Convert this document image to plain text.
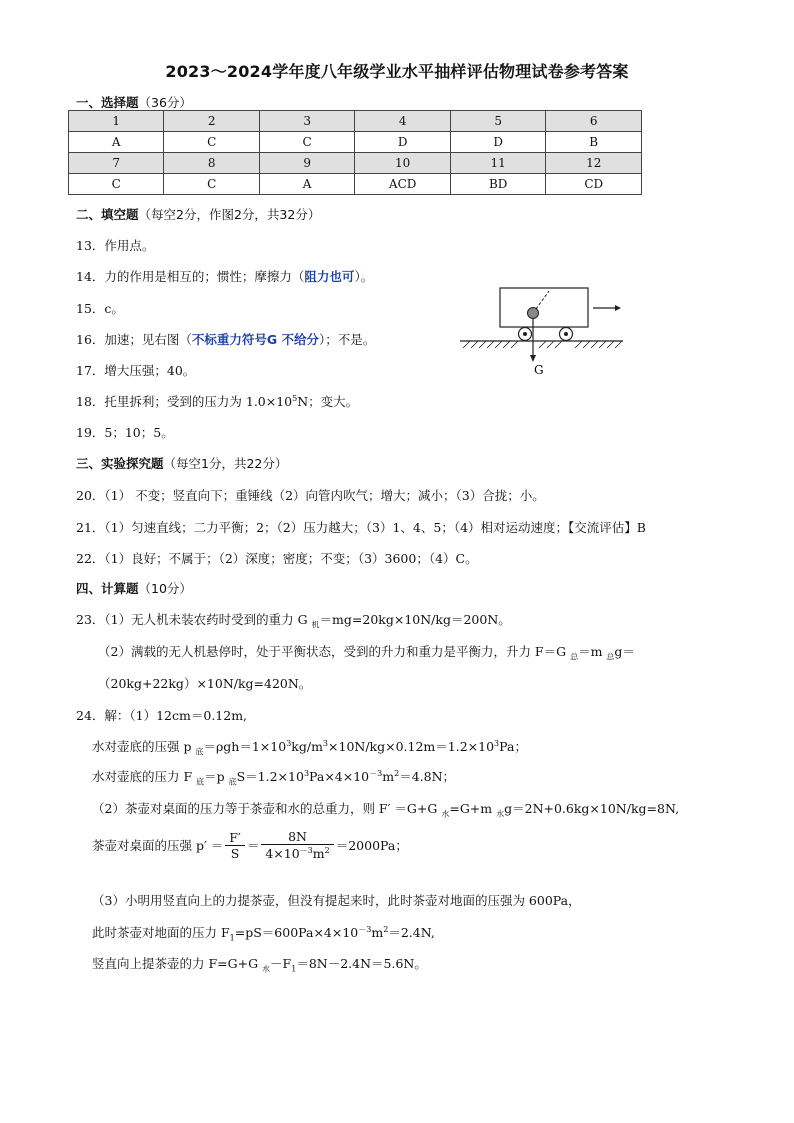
2023～2024学年度八年级学业水平抽样评估物理试卷参考答案
一、选择题（36分）
1	2	3	4	5	6
A	C	C	D	D	B
7	8	9	10	11	12
C	C	A	ACD	BD	CD
二、填空题（每空2分，作图2分，共32分）
13．作用点。
14．力的作用是相互的；惯性；摩擦力（阻力也可）。
15．c。
16．加速；见右图（不标重力符号G 不给分）；不是。
17．增大压强；40。
18．托里拆利；受到的压力为 $1.0\times 10^5N$；变大。
19．5；10；5。
G
三、实验探究题（每空1分，共22分）
20．（1） 不变；竖直向下；重锤线（2）向管内吹气；增大；减小；（3）合拢；小。
21．（1）匀速直线；二力平衡；2；（2）压力越大；（3）1、4、5；（4）相对运动速度；【交流评估】B
22．（1）良好；不属于；（2）深度；密度；不变；（3）3600；（4）C。
四、计算题（10分）
23．（1）无人机未装农药时受到的重力 G $_机$＝mg=20kg×10N/kg＝200N。
（2）满载的无人机悬停时，处于平衡状态，受到的升力和重力是平衡力，升力 F＝G $_总$＝m $_总$g＝
（20kg+22kg）×10N/kg=420N。
24．解：（1）12cm＝0.12m,
水对壶底的压强 p $_底=\rho gh=1\times 10^3kg/m^3\times 10N/kg\times 0.12m=1.2\times 10^3Pa$；
水对壶底的压力 F $_底$＝p $_底S=1.2\times 10^3Pa\times 4\times 10^{-3}m^2=4.8N$；
（2）茶壶对桌面的压力等于茶壶和水的总重力，则 F′ ＝G+G $_水$=G+m $_水$g＝2N+0.6kg×10N/kg=8N,
茶壶对桌面的压强 $p' = \frac{F'}{S} = \frac{8N}{4\times 10^{-3}m^2} =2000Pa$；
（3）小明用竖直向上的力提茶壶，但没有提起来时，此时茶壶对地面的压强为 600Pa，
此时茶壶对地面的压力 $F_1=pS=600Pa\times 4\times 10^{-3}m^2=2.4N$,
竖直向上提茶壶的力 F=G+G $_水-F_1=8N-2.4N=5.6N$。
